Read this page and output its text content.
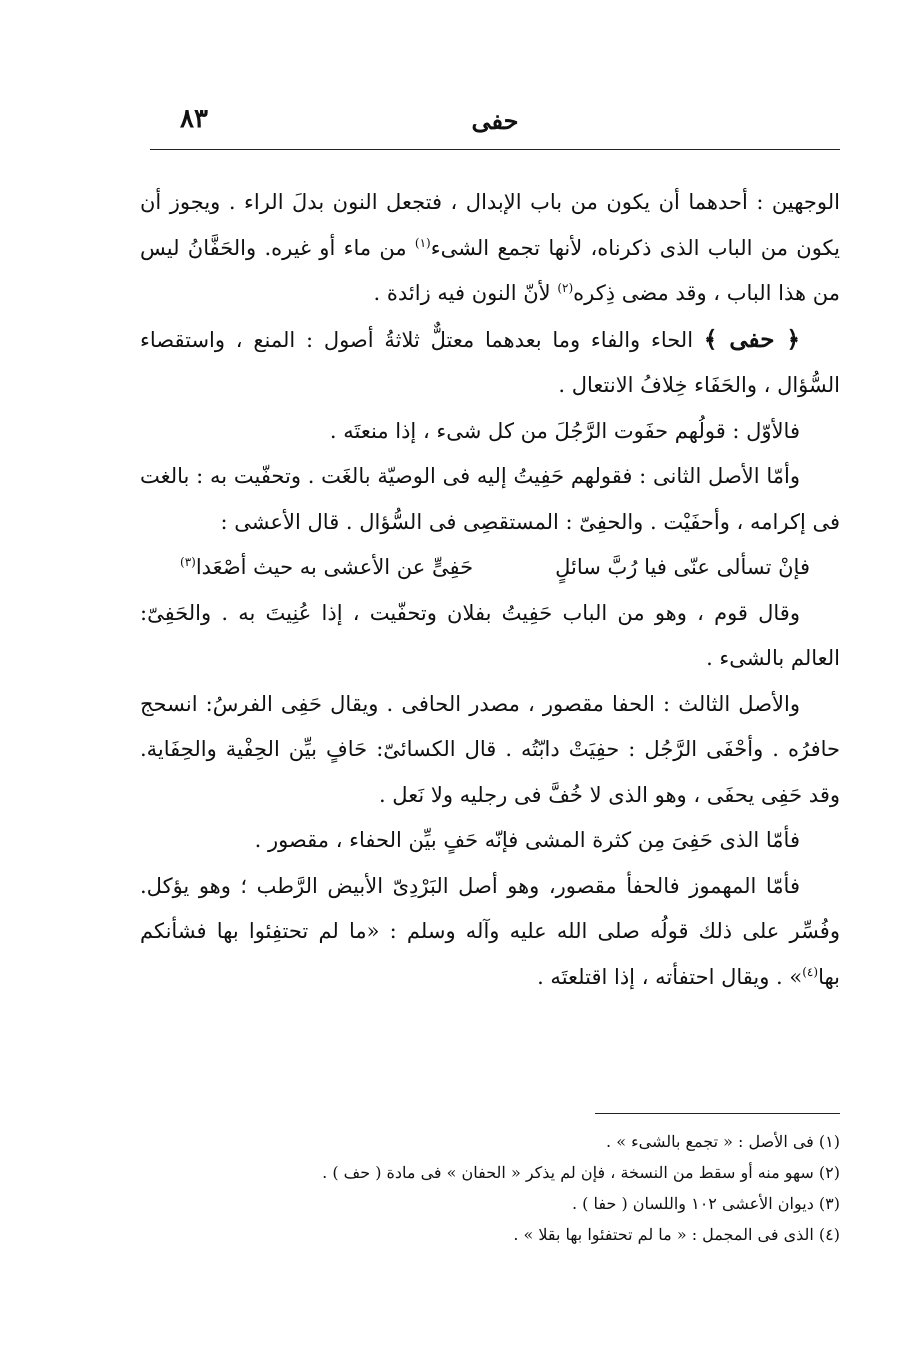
٨٣	حفى

الوجهين : أحدهما أن يكون من باب الإبدال ، فتجعل النون بدلَ الراء . ويجوز أن يكون من الباب الذى ذكرناه، لأنها تجمع الشىء$^{(١)}$ من ماء أو غيره. والحَفَّانُ ليس من هذا الباب ، وقد مضى ذِكره$^{(٢)}$ لأنّ النون فيه زائدة .

﴿ حفى ﴾ الحاء والفاء وما بعدهما معتلٌّ ثلاثةُ أصول : المنع ، واستقصاء السُّؤال ، والحَفَاء خِلافُ الانتعال .

فالأوّل : قولُهم حفَوت الرَّجُلَ من كل شىء ، إذا منعتَه .

وأمّا الأصل الثانى : فقولهم حَفِيتُ إليه فى الوصيّة بالغَت . وتحفّيت به : بالغت فى إكرامه ، وأحفَيْت . والحفِىّ : المستقصِى فى السُّؤال . قال الأعشى :

فإنْ تسألى عنّى فيا رُبَّ سائلٍ
حَفِىٍّ عن الأعشى به حيث أصْعَدا$^{(٣)}$

وقال قوم ، وهو من الباب حَفِيتُ بفلان وتحفّيت ، إذا عُنِيتَ به . والحَفِىّ: العالم بالشىء .

والأصل الثالث : الحفا مقصور ، مصدر الحافى . ويقال حَفِى الفرسُ: انسحج حافرُه . وأحْفَى الرَّجُل : حفِيَتْ دابّتُه . قال الكسائىّ: حَافٍ بيِّن الحِفْية والحِفَاية. وقد حَفِى يحفَى ، وهو الذى لا خُفَّ فى رجليه ولا نَعل .

فأمّا الذى حَفِىَ مِن كثرة المشى فإنّه حَفٍ بيِّن الحفاء ، مقصور .

فأمّا المهموز فالحفأ مقصور، وهو أصل البَرْدِىّ الأبيض الرَّطب ؛ وهو يؤكل. وفُسِّر على ذلك قولُه صلى الله عليه وآله وسلم : «ما لم تحتفِئوا بها فشأنكم بها$^{(٤)}$» . ويقال احتفأته ، إذا اقتلعتَه .

(١) فى الأصل : « تجمع بالشىء » .

(٢) سهو منه أو سقط من النسخة ، فإن لم يذكر « الحفان » فى مادة ( حف ) .

(٣) ديوان الأعشى ١٠٢ واللسان ( حفا ) .

(٤) الذى فى المجمل : « ما لم تحتفئوا بها بقلا » .
